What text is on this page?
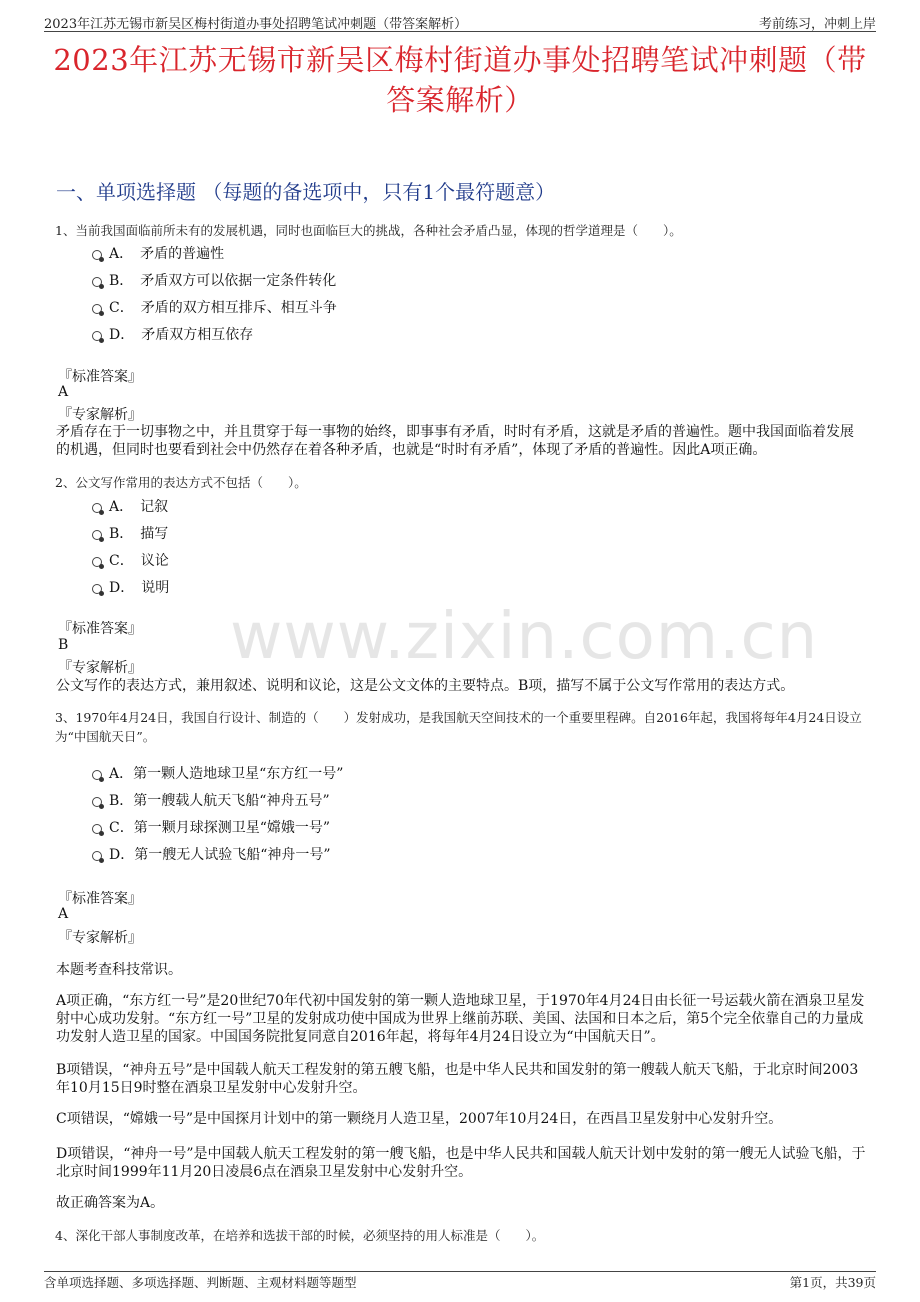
2023年江苏无锡市新吴区梅村街道办事处招聘笔试冲刺题（带答案解析）	考前练习，冲刺上岸
2023年江苏无锡市新吴区梅村街道办事处招聘笔试冲刺题（带答案解析）
一、单项选择题 （每题的备选项中，只有1个最符题意）
www.zixin.com.cn
1、当前我国面临前所未有的发展机遇，同时也面临巨大的挑战，各种社会矛盾凸显，体现的哲学道理是（　　）。
A．　矛盾的普遍性
B．　矛盾双方可以依据一定条件转化
C．　矛盾的双方相互排斥、相互斗争
D．　矛盾双方相互依存
『标准答案』
A
『专家解析』
矛盾存在于一切事物之中，并且贯穿于每一事物的始终，即事事有矛盾，时时有矛盾，这就是矛盾的普遍性。题中我国面临着发展的机遇，但同时也要看到社会中仍然存在着各种矛盾，也就是“时时有矛盾”，体现了矛盾的普遍性。因此A项正确。
2、公文写作常用的表达方式不包括（　　）。
A．　记叙
B．　描写
C．　议论
D．　说明
『标准答案』
B
『专家解析』
公文写作的表达方式，兼用叙述、说明和议论，这是公文文体的主要特点。B项，描写不属于公文写作常用的表达方式。
3、1970年4月24日，我国自行设计、制造的（　　）发射成功，是我国航天空间技术的一个重要里程碑。自2016年起，我国将每年4月24日设立为“中国航天日”。
A．第一颗人造地球卫星“东方红一号”
B．第一艘载人航天飞船“神舟五号”
C．第一颗月球探测卫星“嫦娥一号”
D．第一艘无人试验飞船“神舟一号”
『标准答案』
A
『专家解析』
本题考查科技常识。
A项正确，“东方红一号”是20世纪70年代初中国发射的第一颗人造地球卫星，于1970年4月24日由长征一号运载火箭在酒泉卫星发射中心成功发射。“东方红一号”卫星的发射成功使中国成为世界上继前苏联、美国、法国和日本之后，第5个完全依靠自己的力量成功发射人造卫星的国家。中国国务院批复同意自2016年起，将每年4月24日设立为“中国航天日”。
B项错误，“神舟五号”是中国载人航天工程发射的第五艘飞船，也是中华人民共和国发射的第一艘载人航天飞船，于北京时间2003年10月15日9时整在酒泉卫星发射中心发射升空。
C项错误，“嫦娥一号”是中国探月计划中的第一颗绕月人造卫星，2007年10月24日，在西昌卫星发射中心发射升空。
D项错误，“神舟一号”是中国载人航天工程发射的第一艘飞船，也是中华人民共和国载人航天计划中发射的第一艘无人试验飞船，于北京时间1999年11月20日凌晨6点在酒泉卫星发射中心发射升空。
故正确答案为A。
4、深化干部人事制度改革，在培养和选拔干部的时候，必须坚持的用人标准是（　　）。
含单项选择题、多项选择题、判断题、主观材料题等题型	第1页，共39页
